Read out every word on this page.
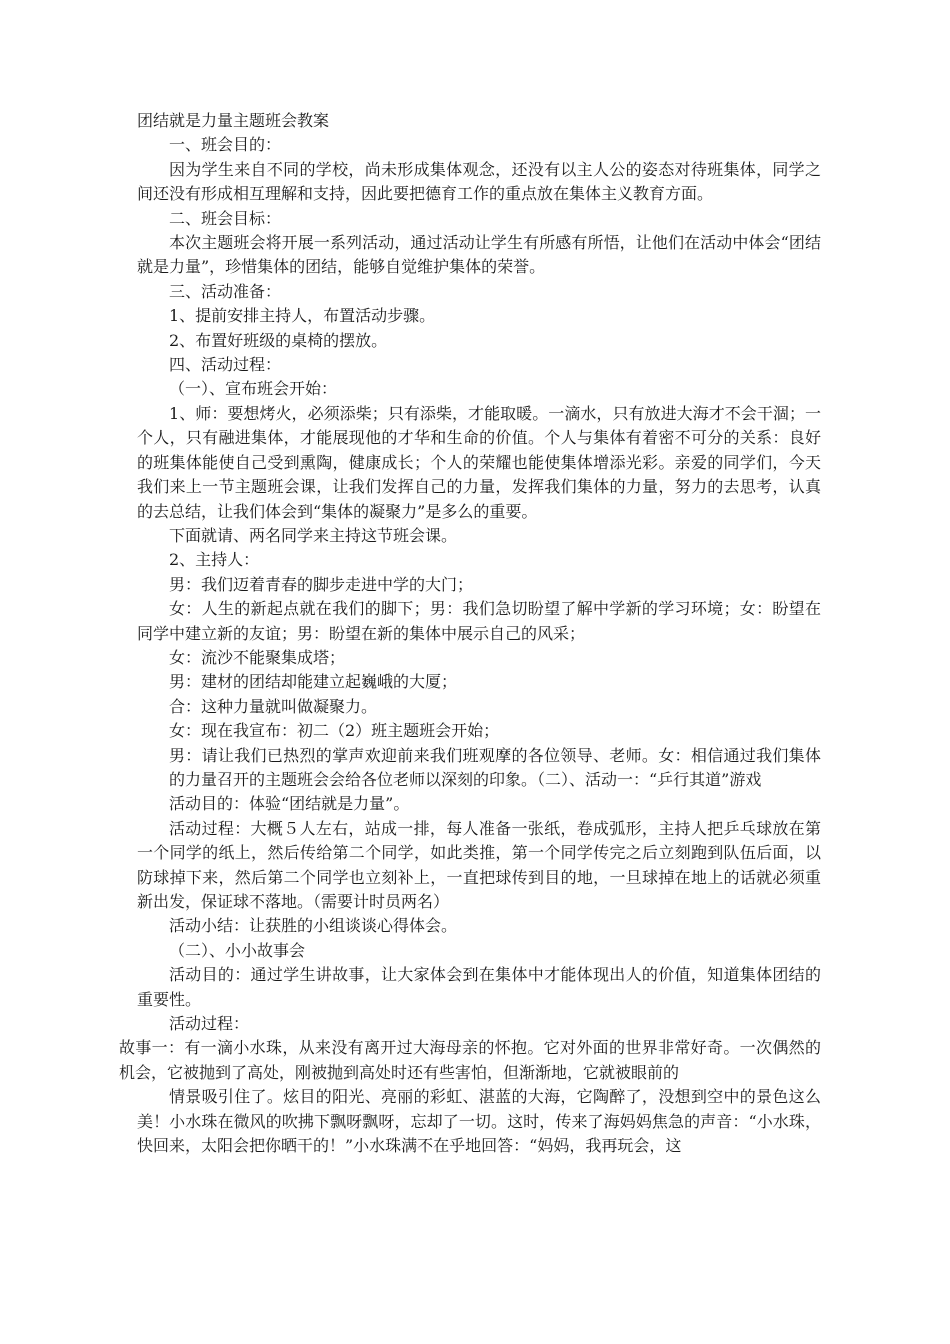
团结就是力量主题班会教案

一、班会目的：

因为学生来自不同的学校，尚未形成集体观念，还没有以主人公的姿态对待班集体，同学之间还没有形成相互理解和支持，因此要把德育工作的重点放在集体主义教育方面。

二、班会目标：

本次主题班会将开展一系列活动，通过活动让学生有所感有所悟，让他们在活动中体会“团结就是力量”，珍惜集体的团结，能够自觉维护集体的荣誉。

三、活动准备：

1、提前安排主持人，布置活动步骤。

2、布置好班级的桌椅的摆放。

四、活动过程：

（一）、宣布班会开始：

1、师：要想烤火，必须添柴；只有添柴，才能取暖。一滴水，只有放进大海才不会干涸；一个人，只有融进集体，才能展现他的才华和生命的价值。个人与集体有着密不可分的关系：良好的班集体能使自己受到熏陶，健康成长；个人的荣耀也能使集体增添光彩。亲爱的同学们，今天我们来上一节主题班会课，让我们发挥自己的力量，发挥我们集体的力量，努力的去思考，认真的去总结，让我们体会到“集体的凝聚力”是多么的重要。

下面就请、两名同学来主持这节班会课。

2、主持人：

男：我们迈着青春的脚步走进中学的大门；

女：人生的新起点就在我们的脚下；男：我们急切盼望了解中学新的学习环境；女：盼望在同学中建立新的友谊；男：盼望在新的集体中展示自己的风采；

女：流沙不能聚集成塔；

男：建材的团结却能建立起巍峨的大厦；

合：这种力量就叫做凝聚力。

女：现在我宣布：初二（2）班主题班会开始；

男：请让我们已热烈的掌声欢迎前来我们班观摩的各位领导、老师。女：相信通过我们集体的力量召开的主题班会会给各位老师以深刻的印象。（二）、活动一：“乒行其道”游戏

活动目的：体验“团结就是力量”。

活动过程：大概５人左右，站成一排，每人准备一张纸，卷成弧形，主持人把乒乓球放在第一个同学的纸上，然后传给第二个同学，如此类推，第一个同学传完之后立刻跑到队伍后面，以防球掉下来，然后第二个同学也立刻补上，一直把球传到目的地，一旦球掉在地上的话就必须重新出发，保证球不落地。（需要计时员两名）

活动小结：让获胜的小组谈谈心得体会。

（二）、小小故事会

活动目的：通过学生讲故事，让大家体会到在集体中才能体现出人的价值，知道集体团结的重要性。

活动过程：

故事一：有一滴小水珠，从来没有离开过大海母亲的怀抱。它对外面的世界非常好奇。一次偶然的机会，它被抛到了高处，刚被抛到高处时还有些害怕，但渐渐地，它就被眼前的

情景吸引住了。炫目的阳光、亮丽的彩虹、湛蓝的大海，它陶醉了，没想到空中的景色这么美！小水珠在微风的吹拂下飘呀飘呀，忘却了一切。这时，传来了海妈妈焦急的声音：“小水珠，快回来，太阳会把你晒干的！”小水珠满不在乎地回答：“妈妈，我再玩会，这
